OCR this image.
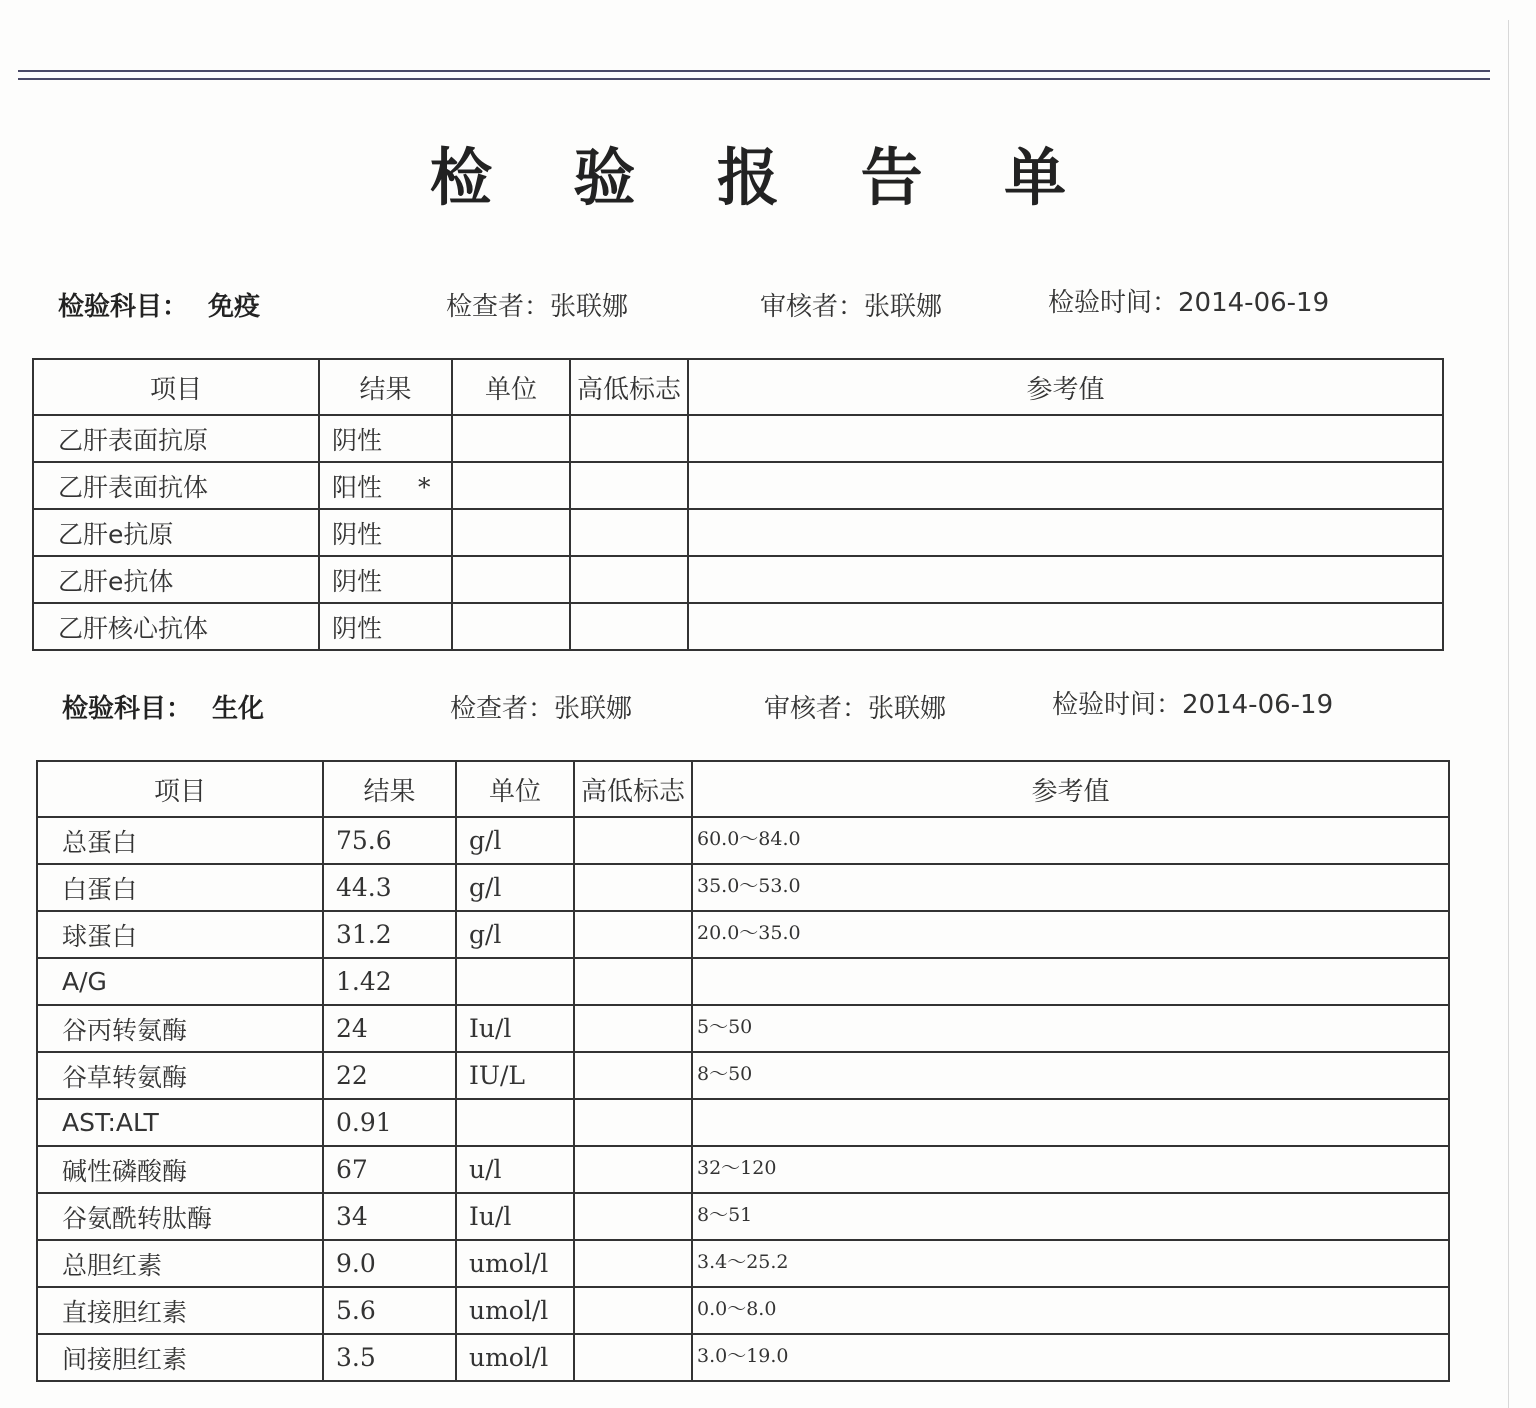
检 验 报 告 单
检验科目： 免疫	检查者：张联娜	审核者：张联娜	检验时间：2014-06-19
项目	结果	单位	高低标志	参考值
乙肝表面抗原	阴性			
乙肝表面抗体	阳性 *			
乙肝e抗原	阴性			
乙肝e抗体	阴性			
乙肝核心抗体	阴性			
检验科目： 生化	检查者：张联娜	审核者：张联娜	检验时间：2014-06-19
项目	结果	单位	高低标志	参考值
总蛋白	75.6	g/l		60.0～84.0
白蛋白	44.3	g/l		35.0～53.0
球蛋白	31.2	g/l		20.0～35.0
A/G	1.42			
谷丙转氨酶	24	Iu/l		5～50
谷草转氨酶	22	IU/L		8～50
AST:ALT	0.91			
碱性磷酸酶	67	u/l		32～120
谷氨酰转肽酶	34	Iu/l		8～51
总胆红素	9.0	umol/l		3.4～25.2
直接胆红素	5.6	umol/l		0.0～8.0
间接胆红素	3.5	umol/l		3.0～19.0
